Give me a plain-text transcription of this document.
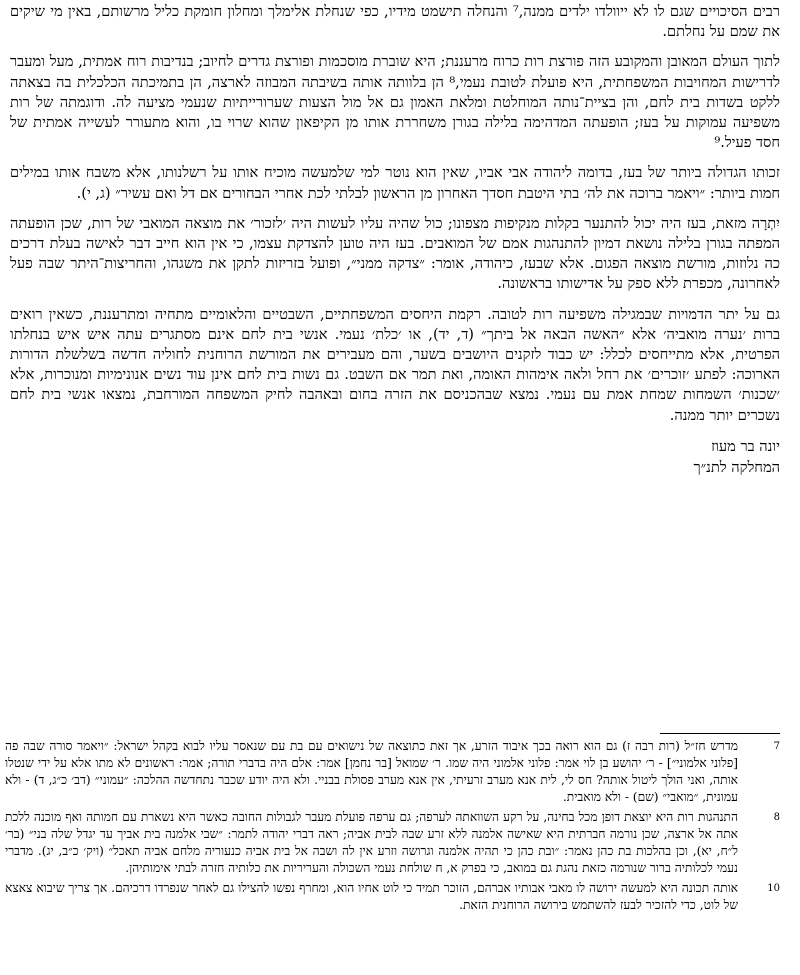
רבים הסיכויים שגם לו לא ייוולדו ילדים ממנה,⁷ והנחלה תישמט מידיו, כפי שנחלת אלימלך ומחלון חומקת כליל מרשותם, באין מי שיקים את שמם על נחלתם.

לתוך העולם המאובן והמקובע הזה פורצת רות כרוח מרעננת; היא שוברת מוסכמות ופורצת גדרים לחיוב; בנדיבות רוח אמתית, מעל ומעבר לדרישות המחויבות המשפחתית, היא פועלת לטובת נעמי,⁸ הן בלוותה אותה בשיבתה המבוזה לארצה, הן בתמיכתה הכלכלית בה בצאתה ללקט בשדות בית לחם, והן בציית־נותה המוחלטת ומלאת האמון גם אל מול הצעות שערורייתיות שנעמי מציעה לה. ודוגמתה של רות משפיעה עמוקות על בעז; הופעתה המדהימה בלילה בגורן משחררת אותו מן הקיפאון שהוא שרוי בו, והוא מתעורר לעשייה אמתית של חסד פעיל.⁹

זכותו הגדולה ביותר של בעז, בדומה ליהודה אבי אביו, שאין הוא נוטר למי שלמעשה מוכיח אותו על רשלנותו, אלא משבח אותו במילים חמות ביותר: ״ויאמר ברוכה את לה׳ בתי היטבת חסדך האחרון מן הראשון לבלתי לכת אחרי הבחורים אם דל ואם עשיר״ (ג, י).

יִתְרָה מזאת, בעז היה יכול להתנער בקלות מנקיפות מצפונו; כול שהיה עליו לעשות היה ׳לזכור׳ את מוצאה המואבי של רות, שכן הופעתה המפתה בגורן בלילה נושאת דמיון להתנהגות אמם של המואבים. בעז היה טוען להצדקת עצמו, כי אין הוא חייב דבר לאישה בעלת דרכים כה נלוזות, מורשת מוצאה הפגום. אלא שבעז, כיהודה, אומר: ״צדקה ממני״, ופועל בזריזות לתקן את משגהו, והחריצות־היתר שבה פעל לאחרונה, מכפרת ללא ספק על אדישותו בראשונה.

גם על יתר הדמויות שבמגילה משפיעה רות לטובה. רקמת היחסים המשפחתיים, השבטיים והלאומיים מתחיה ומתרעננת, כשאין רואים ברות ׳נערה מואביה׳ אלא ״האשה הבאה אל ביתך״ (ד, יד), או ׳כלת׳ נעמי. אנשי בית לחם אינם מסתגרים עתה איש איש בנחלתו הפרטית, אלא מתייחסים לכלל: יש כבוד לזקנים היושבים בשער, והם מעבירים את המורשת הרוחנית לחוליה חדשה בשלשלת הדורות הארוכה: לפתע ׳זוכרים׳ את רחל ולאה אימהות האומה, ואת תמר אם השבט. גם נשות בית לחם אינן עוד נשים אנונימיות ומנוכרות, אלא ׳שכנות׳ השמחות שמחת אמת עם נעמי. נמצא שבהכניסם את הזרה בחום ובאהבה לחיק המשפחה המורחבת, נמצאו אנשי בית לחם נשכרים יותר ממנה.

יונה בר מעוז
המחלקה לתנ״ך
7
מדרש חז״ל (רות רבה ז) גם הוא רואה בכך איבוד הזרע, אך זאת כתוצאה של נישואים עם בת עם שנאסר עליו לבוא בקהל ישראל: ״ויאמר סורה שבה פה [פלוני אלמוני״] - ר׳ יהושע בן לוי אמר: פלוני אלמוני היה שמו. ר׳ שמואל [בר נחמן] אמר: אלם היה בדברי תורה; אמר: ראשונים לא מתו אלא על ידי שנטלו אותה, ואני הולך ליטול אותה? חס לי, לית אנא מערב זרעיתי, אין אנא מערב פסולת בבניי. ולא היה יודע שכבר נתחדשה ההלכה: ״עמוני״ (דב׳ כ״ג, ד) - ולא עמונית, ״מואבי״ (שם) - ולא מואבית.
8
התנהגות רות היא יוצאת דופן מכל בחינה, על רקע השוואתה לערפה; גם ערפה פועלת מעבר לגבולות החובה כאשר היא נשארת עם חמותה ואף מוכנה ללכת אתה אל ארצה, שכן נורמה חברתית היא שאישה אלמנה ללא זרע שבה לבית אביה; ראה דברי יהודה לתמר: ״שבי אלמנה בית אביך עד יגדל שלה בני״ (בר׳ ל״ח, יא), וכן בהלכות בת כהן נאמר: ״ובת כהן כי תהיה אלמנה וגרושה וזרע אין לה ושבה אל בית אביה כנעוריה מלחם אביה תאכל״ (ויק׳ כ״ב, יג). מדברי נעמי לכלותיה ברור שנורמה כזאת נהגת גם במואב, כי בפרק א, ח שולחת נעמי השכולה והעריריות את כלותיה חזרה לבתי אימותיהן.
10
אותה תכונה היא למעשה ירושה לו מאבי אבותיו אברהם, הזוכר תמיד כי לוט אחיו הוא, ומחרף נפשו להצילו גם לאחר שנפרדו דרכיהם. אך צריך שיבוא צאצא של לוט, כדי להזכיר לבעז להשתמש בירושה הרוחנית הזאת.
